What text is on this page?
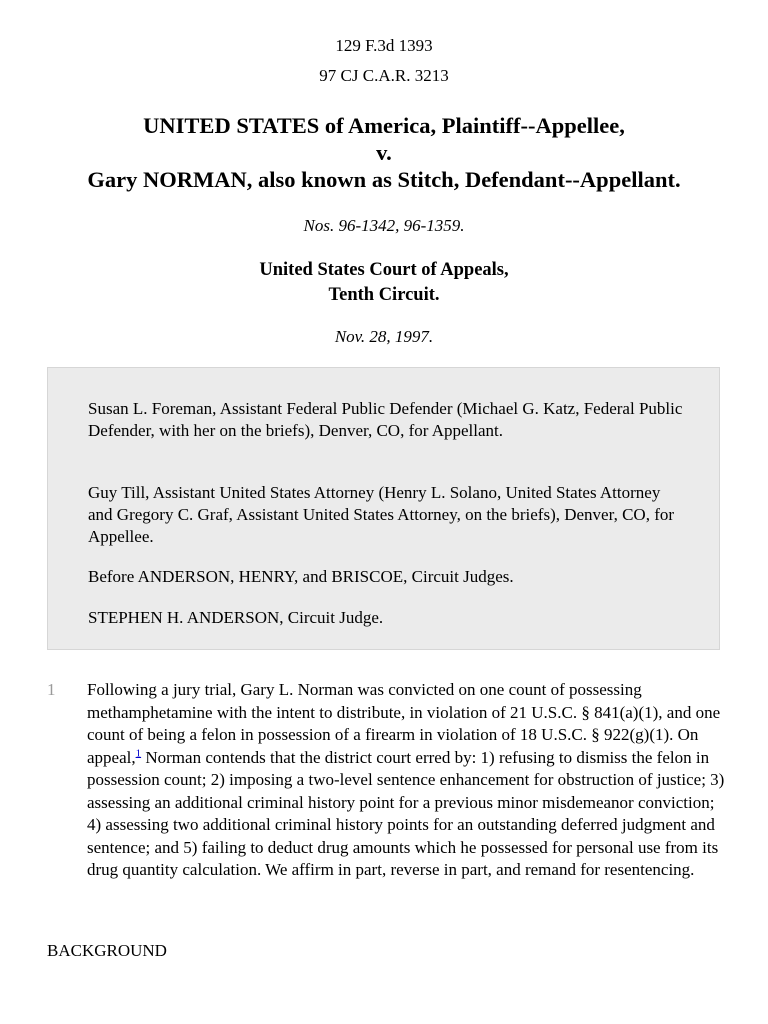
129 F.3d 1393
97 CJ C.A.R. 3213
UNITED STATES of America, Plaintiff--Appellee,
v.
Gary NORMAN, also known as Stitch, Defendant--Appellant.
Nos. 96-1342, 96-1359.
United States Court of Appeals,
Tenth Circuit.
Nov. 28, 1997.

Susan L. Foreman, Assistant Federal Public Defender (Michael G. Katz, Federal Public Defender, with her on the briefs), Denver, CO, for Appellant.

Guy Till, Assistant United States Attorney (Henry L. Solano, United States Attorney and Gregory C. Graf, Assistant United States Attorney, on the briefs), Denver, CO, for Appellee.

Before ANDERSON, HENRY, and BRISCOE, Circuit Judges.

STEPHEN H. ANDERSON, Circuit Judge.

1 Following a jury trial, Gary L. Norman was convicted on one count of possessing methamphetamine with the intent to distribute, in violation of 21 U.S.C. § 841(a)(1), and one count of being a felon in possession of a firearm in violation of 18 U.S.C. § 922(g)(1). On appeal,$^1$ Norman contends that the district court erred by: 1) refusing to dismiss the felon in possession count; 2) imposing a two-level sentence enhancement for obstruction of justice; 3) assessing an additional criminal history point for a previous minor misdemeanor conviction; 4) assessing two additional criminal history points for an outstanding deferred judgment and sentence; and 5) failing to deduct drug amounts which he possessed for personal use from its drug quantity calculation. We affirm in part, reverse in part, and remand for resentencing.

BACKGROUND
